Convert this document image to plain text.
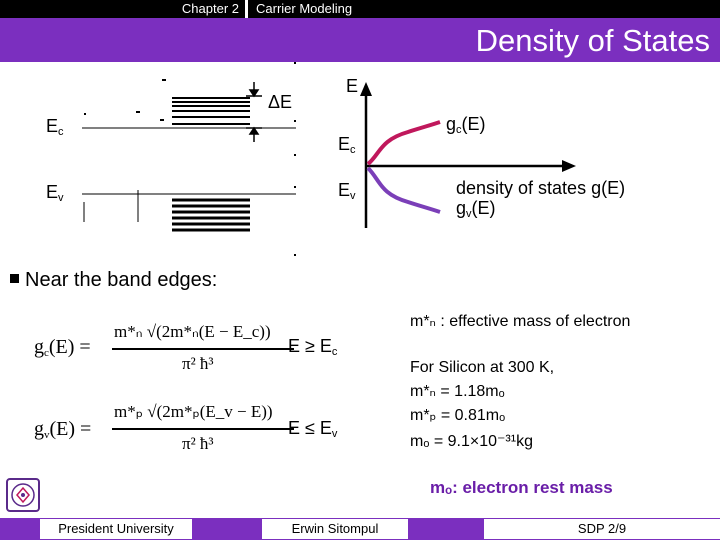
Chapter 2	Carrier Modeling
Density of States
$E_c$
$E_v$
ΔE
E
$E_c$
$E_v$
$g_c(E)$
density of states g(E)
$g_v(E)$
Near the band edges:
$g_c(E)$ =
m*ₙ √(2m*ₙ(E − E_c))
π² ħ³
$E \ge E_c$
$g_v(E)$ =
m*ₚ √(2m*ₚ(E_v − E))
π² ħ³
$E \le E_v$
m*ₙ : effective mass of electron
For Silicon at 300 K,
m*ₙ = 1.18mₒ
m*ₚ = 0.81mₒ
mₒ = 9.1×10⁻³¹kg
mₒ: electron rest mass
President University	Erwin Sitompul	SDP 2/9
